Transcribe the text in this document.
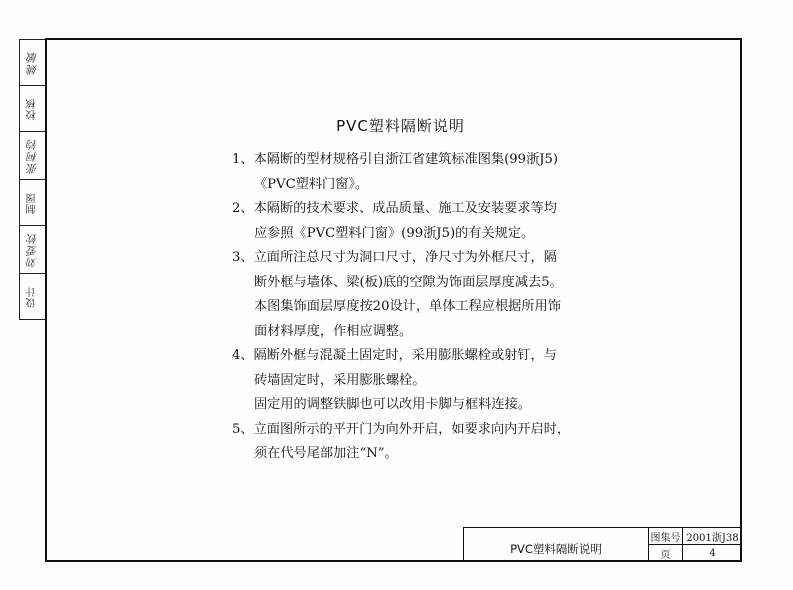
姚敏
校核
张柯钧
制图
刘爱钦
设计
PVC塑料隔断说明
1、本隔断的型材规格引自浙江省建筑标准图集(99浙J5)
《PVC塑料门窗》。
2、本隔断的技术要求、成品质量、施工及安装要求等均
应参照《PVC塑料门窗》(99浙J5)的有关规定。
3、立面所注总尺寸为洞口尺寸，净尺寸为外框尺寸，隔
断外框与墙体、梁(板)底的空隙为饰面层厚度减去5。
本图集饰面层厚度按20设计，单体工程应根据所用饰
面材料厚度，作相应调整。
4、隔断外框与混凝土固定时，采用膨胀螺栓或射钉，与
砖墙固定时，采用膨胀螺栓。
固定用的调整铁脚也可以改用卡脚与框料连接。
5、立面图所示的平开门为向外开启，如要求向内开启时，
须在代号尾部加注“N”。
PVC塑料隔断说明
图集号 2001浙J38
页	4
